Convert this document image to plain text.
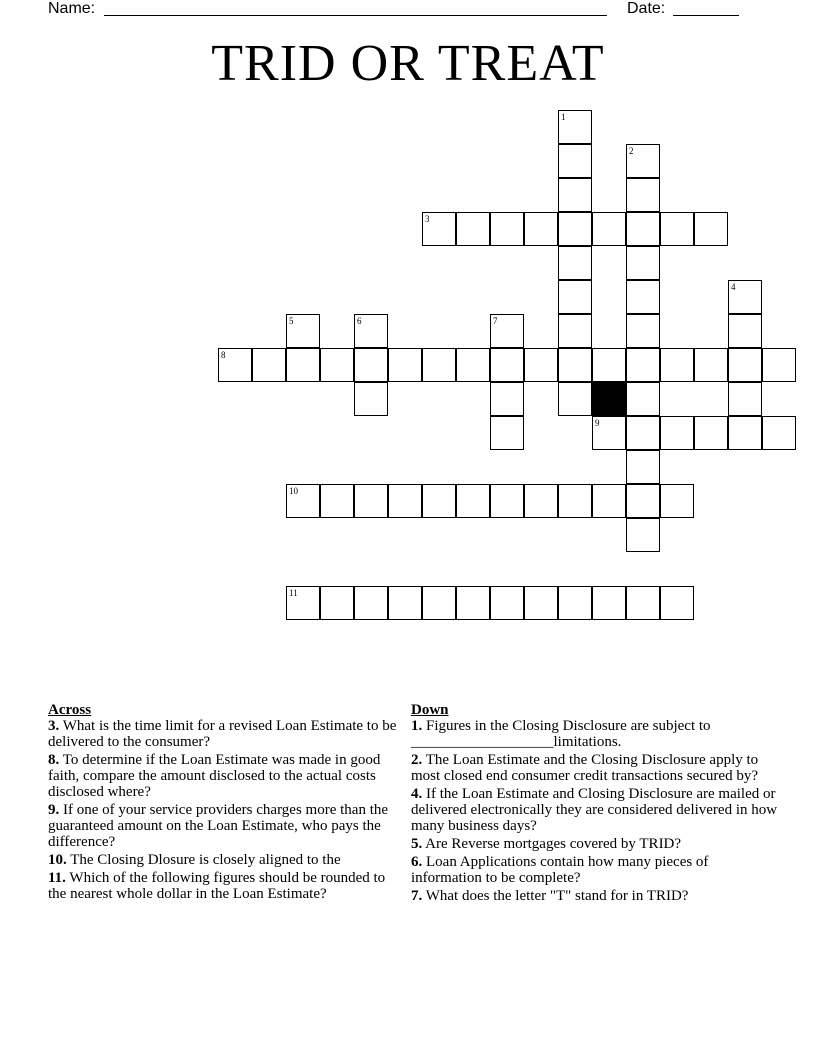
Name:	Date:
TRID OR TREAT
1
2
3
4
5	6	7
8
9
10
11
Across
3. What is the time limit for a revised Loan Estimate to be delivered to the consumer?
8. To determine if the Loan Estimate was made in good faith, compare the amount disclosed to the actual costs disclosed where?
9. If one of your service providers charges more than the guaranteed amount on the Loan Estimate, who pays the difference?
10. The Closing Dlosure is closely aligned to the
11. Which of the following figures should be rounded to the nearest whole dollar in the Loan Estimate?
Down
1. Figures in the Closing Disclosure are subject to ___________________limitations.
2. The Loan Estimate and the Closing Disclosure apply to most closed end consumer credit transactions secured by?
4. If the Loan Estimate and Closing Disclosure are mailed or delivered electronically they are considered delivered in how many business days?
5. Are Reverse mortgages covered by TRID?
6. Loan Applications contain how many pieces of information to be complete?
7. What does the letter "T" stand for in TRID?
